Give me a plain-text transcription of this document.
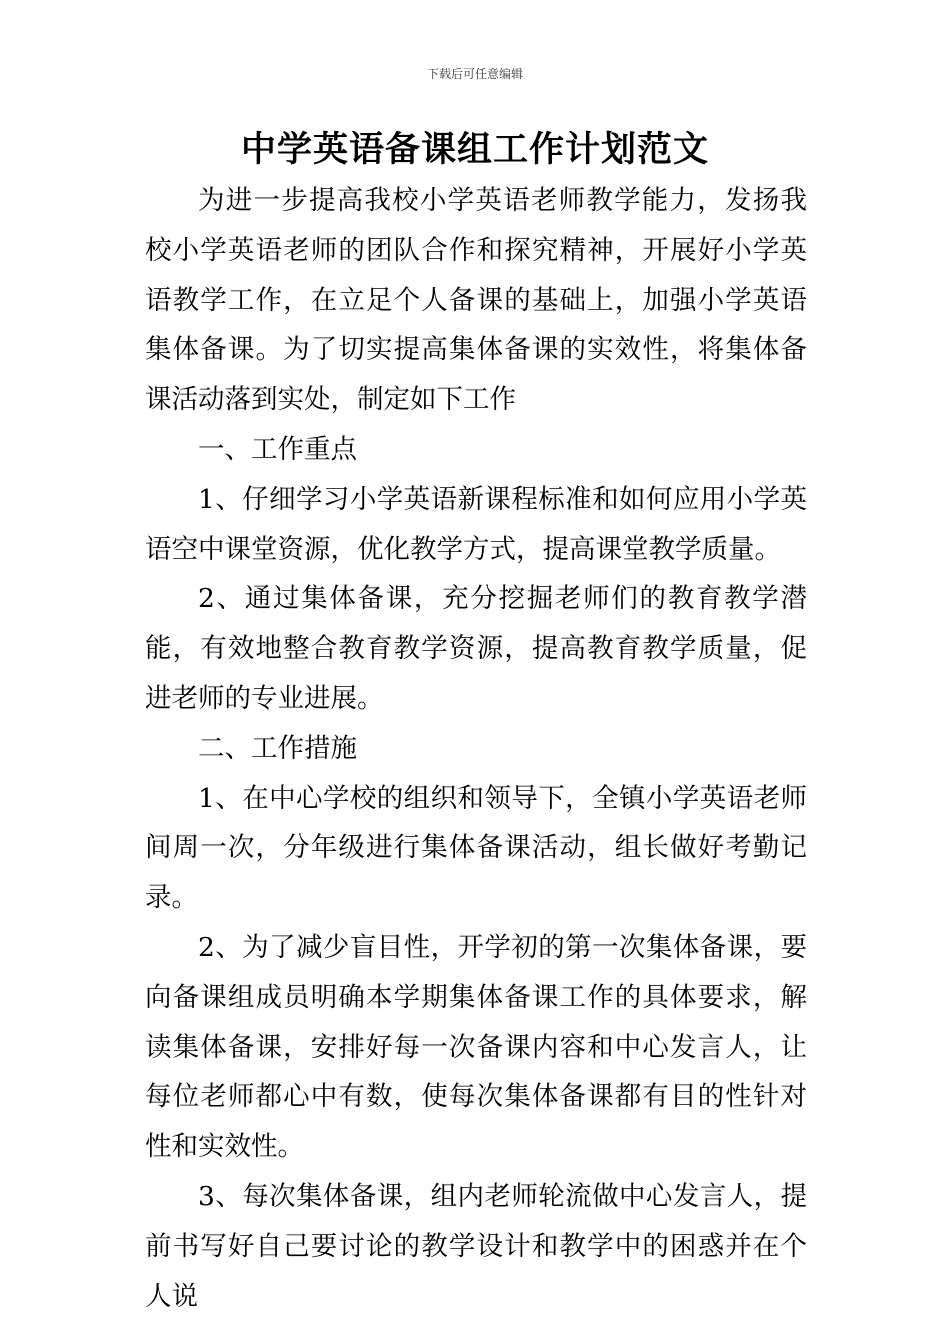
下载后可任意编辑
中学英语备课组工作计划范文

为进一步提高我校小学英语老师教学能力，发扬我校小学英语老师的团队合作和探究精神，开展好小学英语教学工作，在立足个人备课的基础上，加强小学英语集体备课。为了切实提高集体备课的实效性，将集体备课活动落到实处，制定如下工作

一、工作重点

1、仔细学习小学英语新课程标准和如何应用小学英语空中课堂资源，优化教学方式，提高课堂教学质量。

2、通过集体备课，充分挖掘老师们的教育教学潜能，有效地整合教育教学资源，提高教育教学质量，促进老师的专业进展。

二、工作措施

1、在中心学校的组织和领导下，全镇小学英语老师间周一次，分年级进行集体备课活动，组长做好考勤记录。

2、为了减少盲目性，开学初的第一次集体备课，要向备课组成员明确本学期集体备课工作的具体要求，解读集体备课，安排好每一次备课内容和中心发言人，让每位老师都心中有数，使每次集体备课都有目的性针对性和实效性。

3、每次集体备课，组内老师轮流做中心发言人，提前书写好自己要讨论的教学设计和教学中的困惑并在个人说
